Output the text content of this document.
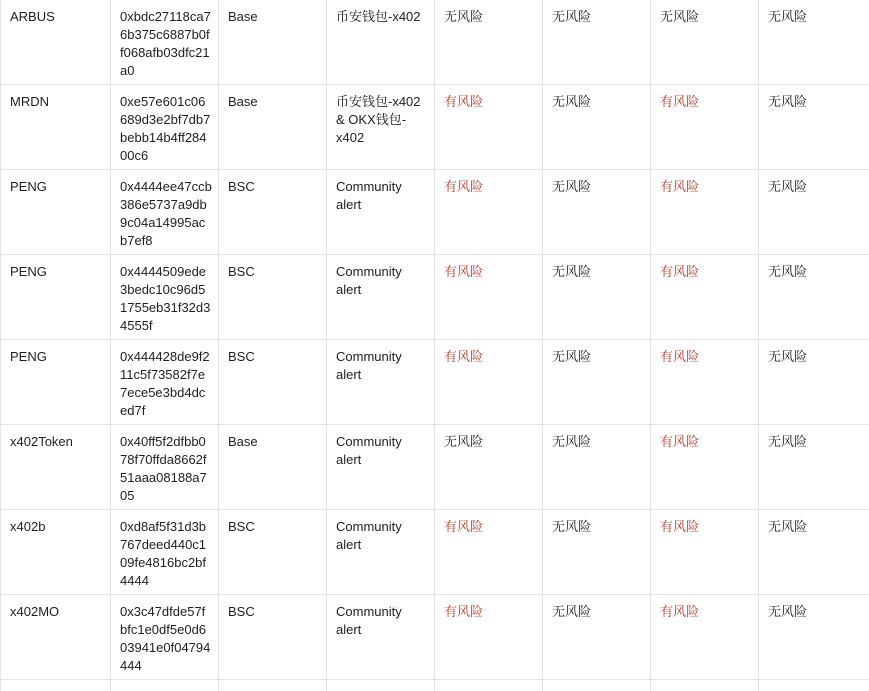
ARBUS	0xbdc27118ca76b375c6887b0ff068afb03dfc21a0	Base	币安钱包-x402	无风险	无风险	无风险	无风险
MRDN	0xe57e601c06689d3e2bf7db7bebb14b4ff28400c6	Base	币安钱包-x402 & OKX钱包-x402	有风险	无风险	有风险	无风险
PENG	0x4444ee47ccb386e5737a9db9c04a14995acb7ef8	BSC	Community alert	有风险	无风险	有风险	无风险
PENG	0x4444509ede3bedc10c96d51755eb31f32d34555f	BSC	Community alert	有风险	无风险	有风险	无风险
PENG	0x444428de9f211c5f73582f7e7ece5e3bd4dced7f	BSC	Community alert	有风险	无风险	有风险	无风险
x402Token	0x40ff5f2dfbb078f70ffda8662f51aaa08188a705	Base	Community alert	无风险	无风险	有风险	无风险
x402b	0xd8af5f31d3b767deed440c109fe4816bc2bf4444	BSC	Community alert	有风险	无风险	有风险	无风险
x402MO	0x3c47dfde57fbfc1e0df5e0d603941e0f04794444	BSC	Community alert	有风险	无风险	有风险	无风险
